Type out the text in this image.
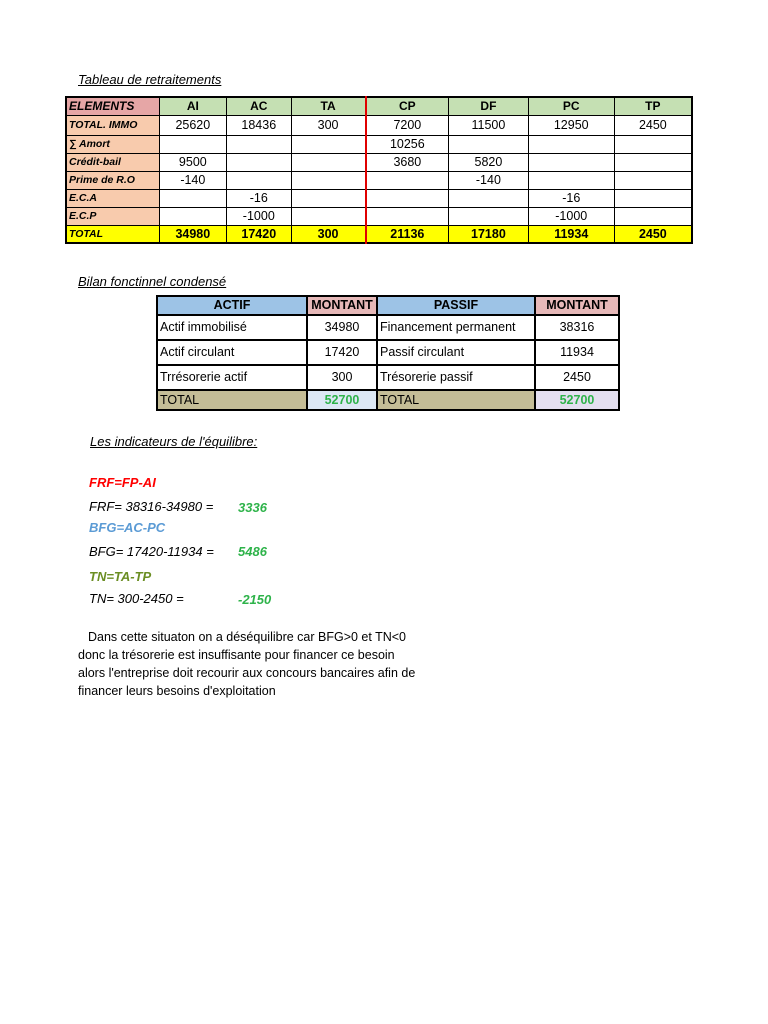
Tableau de retraitements
ELEMENTS	AI	AC	TA	CP	DF	PC	TP
TOTAL. IMMO	25620	18436	300	7200	11500	12950	2450
∑ Amort				10256			
Crédit-bail	9500			3680	5820		
Prime de R.O	-140				-140		
E.C.A		-16				-16	
E.C.P		-1000				-1000	
TOTAL	34980	17420	300	21136	17180	11934	2450
Bilan fonctinnel condensé
ACTIF	MONTANT	PASSIF	MONTANT
Actif immobilisé	34980	Financement permanent	38316
Actif circulant	17420	Passif circulant	11934
Trrésorerie actif	300	Trésorerie passif	2450
TOTAL	52700	TOTAL	52700
Les indicateurs de l'équilibre:
FRF=FP-AI
FRF= 38316-34980 = 3336
BFG=AC-PC
BFG= 17420-11934 = 5486
TN=TA-TP
TN= 300-2450 =	-2150
Dans cette situaton on a déséquilibre car BFG>0 et TN<0
donc la trésorerie est insuffisante pour financer ce besoin
alors l'entreprise doit recourir aux concours bancaires afin de
financer leurs besoins d'exploitation
